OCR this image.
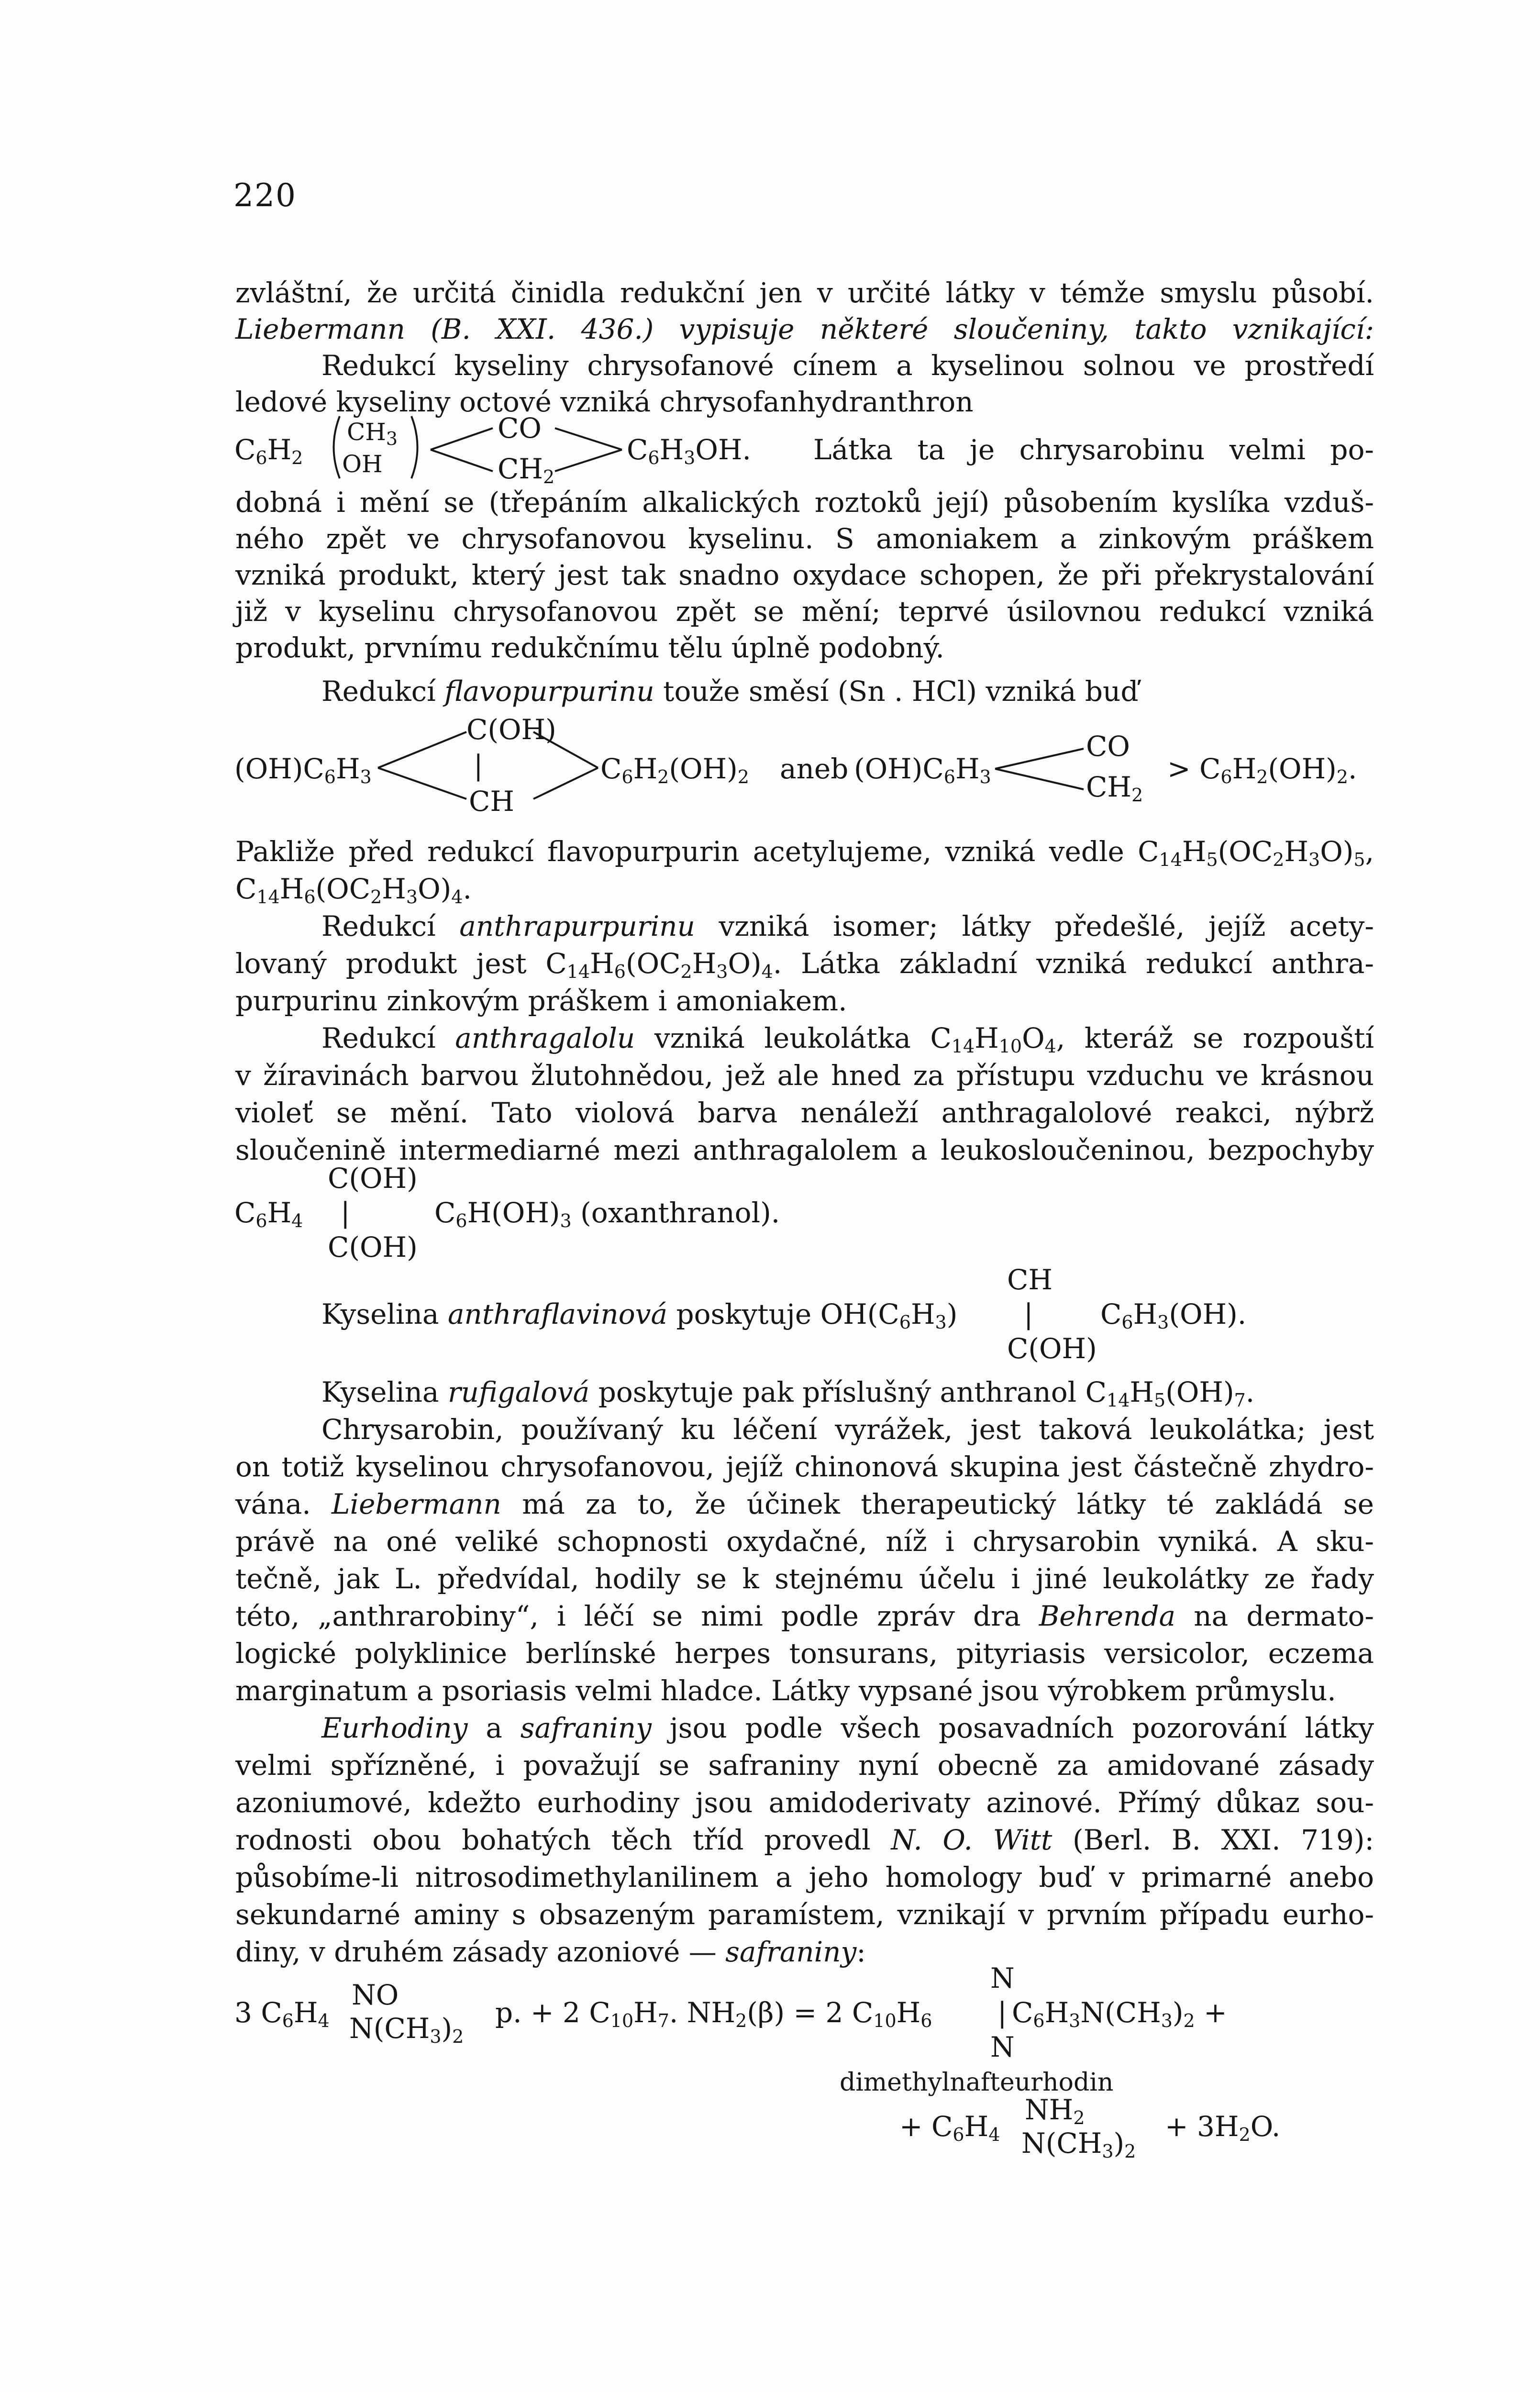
220
zvláštní, že určitá činidla redukční jen v určité látky v témže smyslu působí.
Liebermann (B. XXI. 436.) vypisuje některé sloučeniny, takto vznikající:
Redukcí kyseliny chrysofanové cínem a kyselinou solnou ve prostředí
ledové kyseliny octové vzniká chrysofanhydranthron
C6H2
$CH_3$
OH
CO
CH2
C6H3OH. Látka ta je chrysarobinu velmi po-
dobná i mění se (třepáním alkalických roztoků její) působením kyslíka vzduš-
ného zpět ve chrysofanovou kyselinu. S amoniakem a zinkovým práškem
vzniká produkt, který jest tak snadno oxydace schopen, že při překrystalování
již v kyselinu chrysofanovou zpět se mění; teprvé úsilovnou redukcí vzniká
produkt, prvnímu redukčnímu tělu úplně podobný.
Redukcí flavopurpurinu touže směsí (Sn . HCl) vzniká buď
C(OH)
|
CH
(OH)C6H3	C6H2(OH)2 aneb (OH)C6H3
CO
CH2
> C6H2(OH)2.
Pakliže před redukcí flavopurpurin acetylujeme, vzniká vedle C14H5(OC2H3O)5,
C14H6(OC2H3O)4.
Redukcí anthrapurpurinu vzniká isomer; látky předešlé, jejíž acety-
lovaný produkt jest C14H6(OC2H3O)4. Látka základní vzniká redukcí anthra-
purpurinu zinkovým práškem i amoniakem.
Redukcí anthragalolu vzniká leukolátka C14H10O4, kteráž se rozpouští
v žíravinách barvou žlutohnědou, jež ale hned za přístupu vzduchu ve krásnou
violeť se mění. Tato violová barva nenáleží anthragalolové reakci, nýbrž
sloučenině intermediarné mezi anthragalolem a leukosloučeninou, bezpochyby
C(OH)
C6H4 |	C6H(OH)3 (oxanthranol).
C(OH)
CH
Kyselina anthraflavinová poskytuje OH(C6H3) | C6H3(OH).
C(OH)
Kyselina rufigalová poskytuje pak příslušný anthranol C14H5(OH)7.
Chrysarobin, používaný ku léčení vyrážek, jest taková leukolátka; jest
on totiž kyselinou chrysofanovou, jejíž chinonová skupina jest částečně zhydro-
vána. Liebermann má za to, že účinek therapeutický látky té zakládá se
právě na oné veliké schopnosti oxydačné, níž i chrysarobin vyniká. A sku-
tečně, jak L. předvídal, hodily se k stejnému účelu i jiné leukolátky ze řady
této, „anthrarobiny“, i léčí se nimi podle zpráv dra Behrenda na dermato-
logické polyklinice berlínské herpes tonsurans, pityriasis versicolor, eczema
marginatum a psoriasis velmi hladce. Látky vypsané jsou výrobkem průmyslu.
Eurhodiny a safraniny jsou podle všech posavadních pozorování látky
velmi spřízněné, i považují se safraniny nyní obecně za amidované zásady
azoniumové, kdežto eurhodiny jsou amidoderivaty azinové. Přímý důkaz sou-
rodnosti obou bohatých těch tříd provedl N. O. Witt (Berl. B. XXI. 719):
působíme-li nitrosodimethylanilinem a jeho homology buď v primarné anebo
sekundarné aminy s obsazeným paramístem, vznikají v prvním případu eurho-
diny, v druhém zásady azoniové — safraniny:
N
3 C6H4
NO
N(CH3)2
p. + 2 C10H7. NH2(β) = 2 C10H6 | C6H3N(CH3)2 +
N
dimethylnafteurhodin
+ C6H4
NH2
N(CH3)2
+ 3H2O.
